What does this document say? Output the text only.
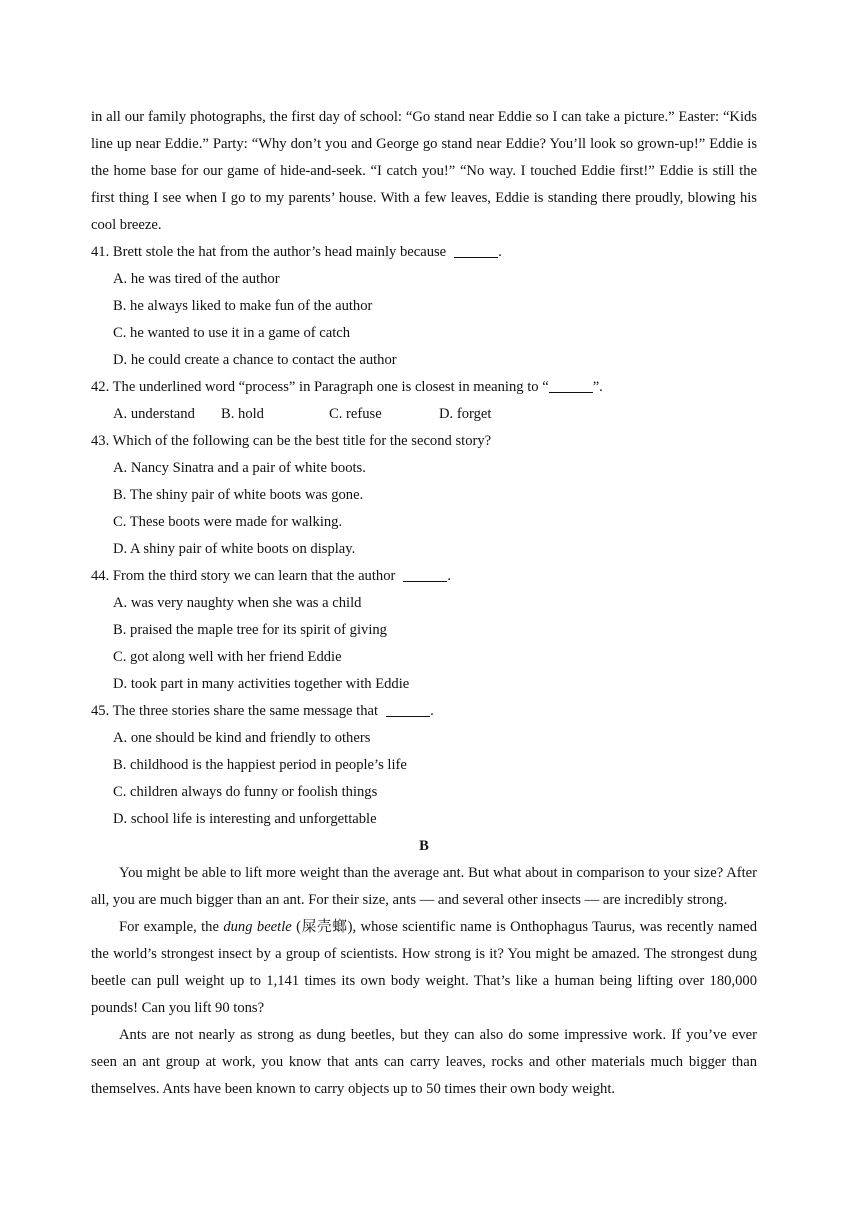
in all our family photographs, the first day of school: “Go stand near Eddie so I can take a picture.” Easter: “Kids line up near Eddie.” Party: “Why don’t you and George go stand near Eddie? You’ll look so grown-up!” Eddie is the home base for our game of hide-and-seek. “I catch you!” “No way. I touched Eddie first!” Eddie is still the first thing I see when I go to my parents’ house. With a few leaves, Eddie is standing there proudly, blowing his cool breeze.

41. Brett stole the hat from the author’s head mainly because	.

A. he was tired of the author

B. he always liked to make fun of the author

C. he wanted to use it in a game of catch

D. he could create a chance to contact the author

42. The underlined word “process” in Paragraph one is closest in meaning to “	”.

A. understand	B. hold	C. refuse	D. forget

43. Which of the following can be the best title for the second story?

A. Nancy Sinatra and a pair of white boots.

B. The shiny pair of white boots was gone.

C. These boots were made for walking.

D. A shiny pair of white boots on display.

44. From the third story we can learn that the author	.

A. was very naughty when she was a child

B. praised the maple tree for its spirit of giving

C. got along well with her friend Eddie

D. took part in many activities together with Eddie

45. The three stories share the same message that	.

A. one should be kind and friendly to others

B. childhood is the happiest period in people’s life

C. children always do funny or foolish things

D. school life is interesting and unforgettable

B

You might be able to lift more weight than the average ant. But what about in comparison to your size? After all, you are much bigger than an ant. For their size, ants — and several other insects — are incredibly strong.

For example, the dung beetle (屎壳螂), whose scientific name is Onthophagus Taurus, was recently named the world’s strongest insect by a group of scientists. How strong is it? You might be amazed. The strongest dung beetle can pull weight up to 1,141 times its own body weight. That’s like a human being lifting over 180,000 pounds! Can you lift 90 tons?

Ants are not nearly as strong as dung beetles, but they can also do some impressive work. If you’ve ever seen an ant group at work, you know that ants can carry leaves, rocks and other materials much bigger than themselves. Ants have been known to carry objects up to 50 times their own body weight.
